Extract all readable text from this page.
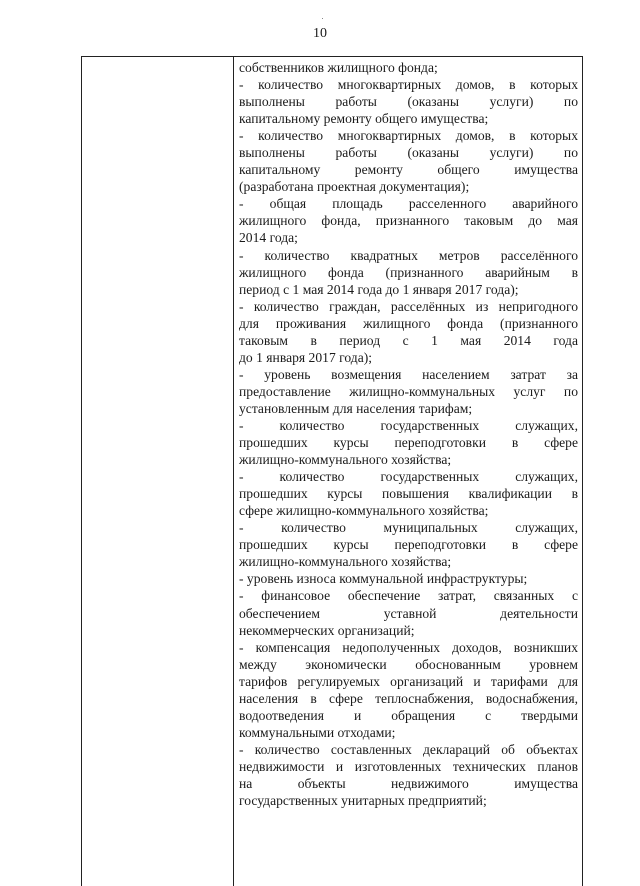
10

собственников жилищного фонда;

- количество многоквартирных домов, в которых
выполнены работы (оказаны услуги) по
капитальному ремонту общего имущества;

- количество многоквартирных домов, в которых
выполнены работы (оказаны услуги) по
капитальному ремонту общего имущества
(разработана проектная документация);

- общая площадь расселенного аварийного
жилищного фонда, признанного таковым до мая
2014 года;

- количество квадратных метров расселённого
жилищного фонда (признанного аварийным в
период с 1 мая 2014 года до 1 января 2017 года);

- количество граждан, расселённых из непригодного
для проживания жилищного фонда (признанного
таковым в период с 1 мая 2014 года
до 1 января 2017 года);

- уровень возмещения населением затрат за
предоставление жилищно-коммунальных услуг по
установленным для населения тарифам;

- количество государственных служащих,
прошедших курсы переподготовки в сфере
жилищно-коммунального хозяйства;

- количество государственных служащих,
прошедших курсы повышения квалификации в
сфере жилищно-коммунального хозяйства;

- количество муниципальных служащих,
прошедших курсы переподготовки в сфере
жилищно-коммунального хозяйства;

- уровень износа коммунальной инфраструктуры;

- финансовое обеспечение затрат, связанных с
обеспечением уставной деятельности
некоммерческих организаций;

- компенсация недополученных доходов, возникших
между экономически обоснованным уровнем
тарифов регулируемых организаций и тарифами для
населения в сфере теплоснабжения, водоснабжения,
водоотведения и обращения с твердыми
коммунальными отходами;

- количество составленных деклараций об объектах
недвижимости и изготовленных технических планов
на объекты недвижимого имущества
государственных унитарных предприятий;
